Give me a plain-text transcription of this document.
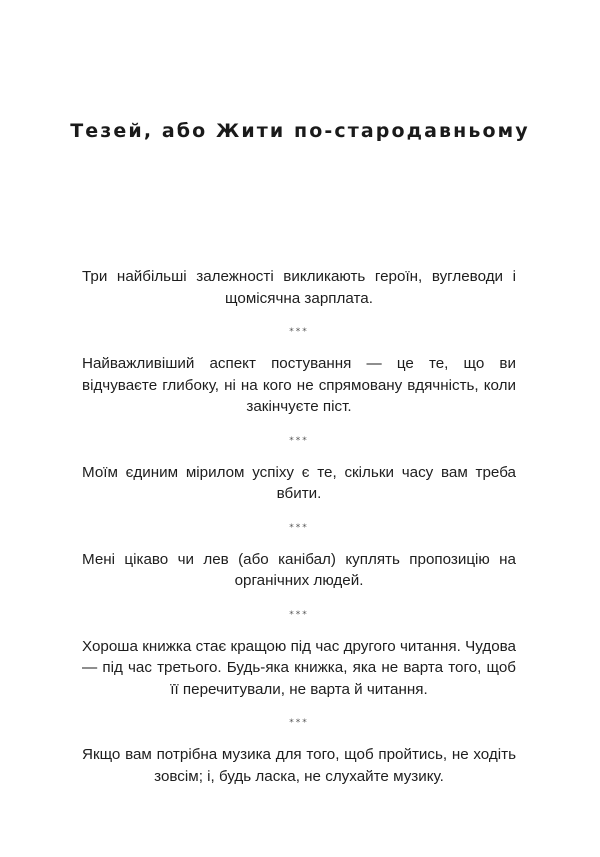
Тезей, або Жити по-стародавньому

Три найбільші залежності викликають героїн, вуглеводи і щомісячна зарплата.

***

Найважливіший аспект постування — це те, що ви відчуваєте глибоку, ні на кого не спрямовану вдячність, коли закінчуєте піст.

***

Моїм єдиним мірилом успіху є те, скільки часу вам треба вбити.

***

Мені цікаво чи лев (або канібал) куплять пропозицію на органічних людей.

***

Хороша книжка стає кращою під час другого читання. Чудова — під час третього. Будь-яка книжка, яка не варта того, щоб її перечитували, не варта й читання.

***

Якщо вам потрібна музика для того, щоб пройтись, не ходіть зовсім; і, будь ласка, не слухайте музику.
